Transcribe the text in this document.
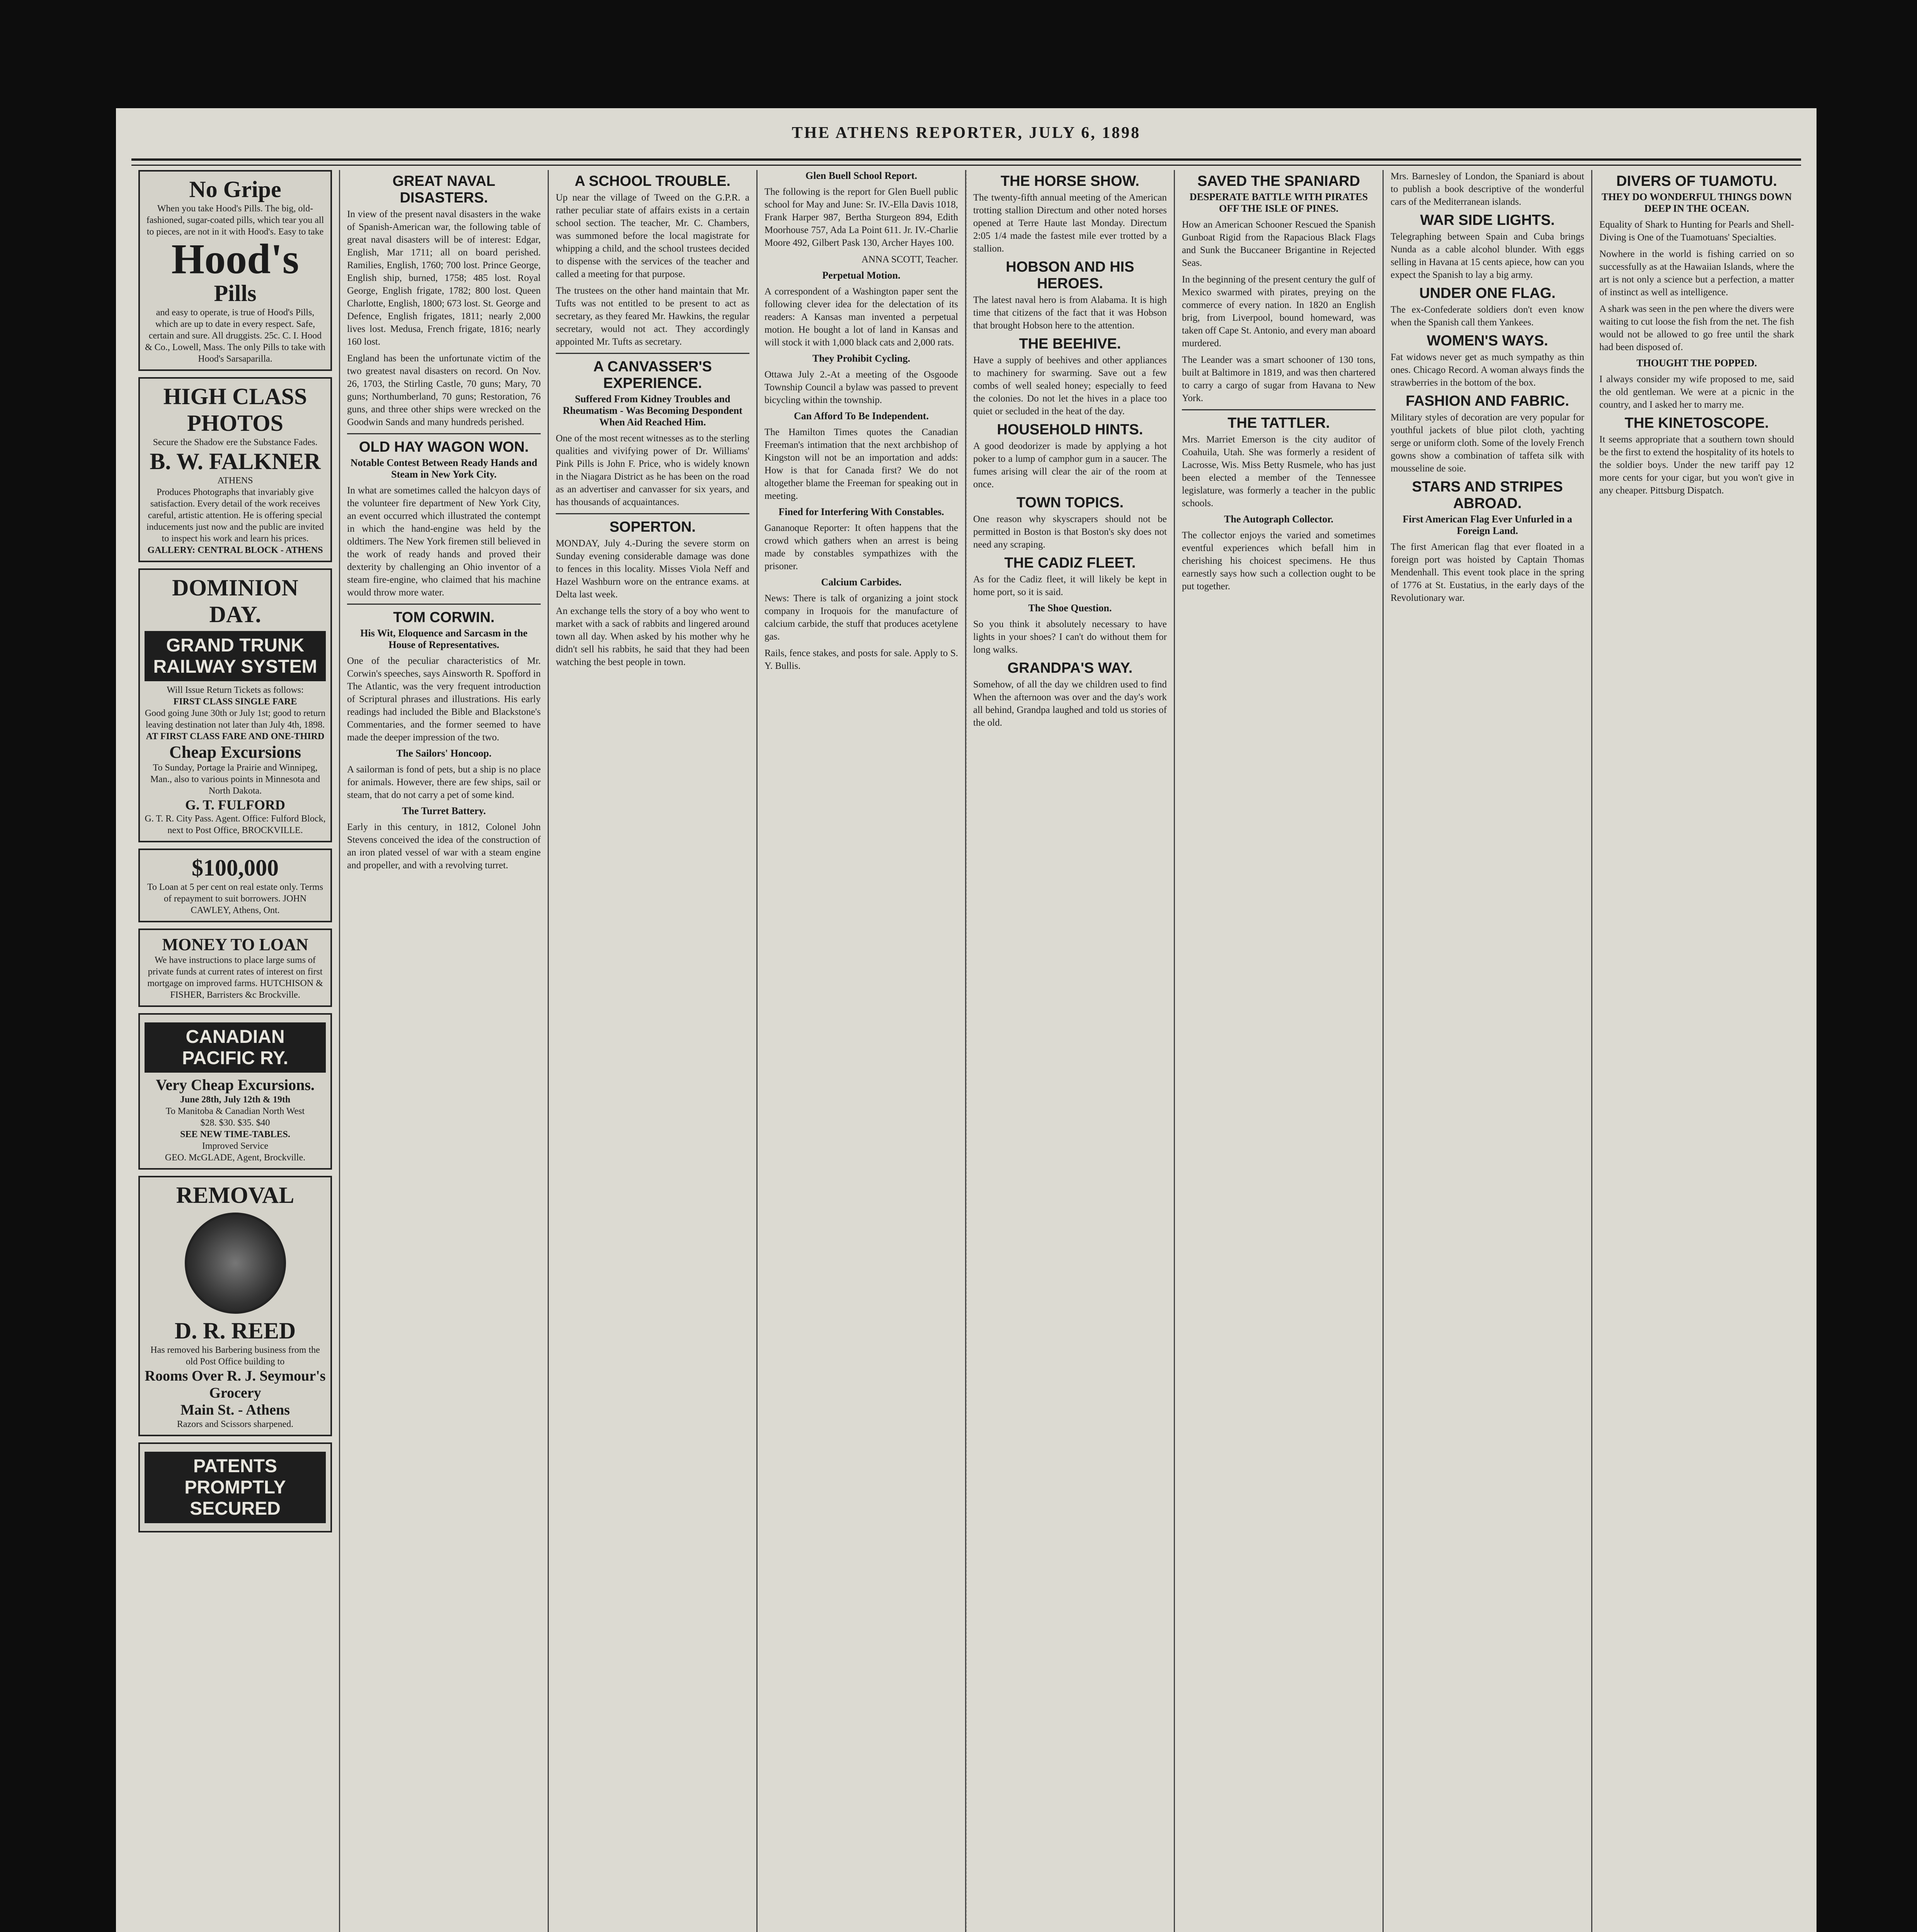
THE ATHENS REPORTER, JULY 6, 1898
No Gripe
When you take Hood's Pills. The big, old-fashioned, sugar-coated pills, which tear you all to pieces, are not in it with Hood's. Easy to take
Hood's
Pills
and easy to operate, is true of Hood's Pills, which are up to date in every respect. Safe, certain and sure. All druggists. 25c. C. I. Hood & Co., Lowell, Mass. The only Pills to take with Hood's Sarsaparilla.
HIGH CLASS PHOTOS
Secure the Shadow ere the Substance Fades.
B. W. FALKNER
ATHENS
Produces Photographs that invariably give satisfaction. Every detail of the work receives careful, artistic attention. He is offering special inducements just now and the public are invited to inspect his work and learn his prices.
GALLERY: CENTRAL BLOCK - ATHENS
DOMINION DAY.
GRAND TRUNK RAILWAY SYSTEM
Will Issue Return Tickets as follows:
FIRST CLASS SINGLE FARE
Good going June 30th or July 1st; good to return leaving destination not later than July 4th, 1898.
AT FIRST CLASS FARE AND ONE-THIRD
Cheap Excursions
To Sunday, Portage la Prairie and Winnipeg, Man., also to various points in Minnesota and North Dakota.
G. T. FULFORD
G. T. R. City Pass. Agent. Office: Fulford Block, next to Post Office, BROCKVILLE.
$100,000
To Loan at 5 per cent on real estate only. Terms of repayment to suit borrowers. JOHN CAWLEY, Athens, Ont.
MONEY TO LOAN
We have instructions to place large sums of private funds at current rates of interest on first mortgage on improved farms. HUTCHISON & FISHER, Barristers &c Brockville.
CANADIAN PACIFIC RY.
Very Cheap Excursions.
June 28th, July 12th & 19th
To Manitoba & Canadian North West
$28. $30. $35. $40
SEE NEW TIME-TABLES.
Improved Service
GEO. McGLADE, Agent, Brockville.
REMOVAL
D. R. REED
Has removed his Barbering business from the old Post Office building to
Rooms Over R. J. Seymour's Grocery
Main St. - Athens
Razors and Scissors sharpened.
PATENTS PROMPTLY SECURED
GREAT NAVAL DISASTERS.

In view of the present naval disasters in the wake of Spanish-American war, the following table of great naval disasters will be of interest: Edgar, English, Mar 1711; all on board perished. Ramilies, English, 1760; 700 lost. Prince George, English ship, burned, 1758; 485 lost. Royal George, English frigate, 1782; 800 lost. Queen Charlotte, English, 1800; 673 lost. St. George and Defence, English frigates, 1811; nearly 2,000 lives lost. Medusa, French frigate, 1816; nearly 160 lost.

England has been the unfortunate victim of the two greatest naval disasters on record. On Nov. 26, 1703, the Stirling Castle, 70 guns; Mary, 70 guns; Northumberland, 70 guns; Restoration, 76 guns, and three other ships were wrecked on the Goodwin Sands and many hundreds perished.

OLD HAY WAGON WON.
Notable Contest Between Ready Hands and Steam in New York City.

In what are sometimes called the halcyon days of the volunteer fire department of New York City, an event occurred which illustrated the contempt in which the hand-engine was held by the oldtimers. The New York firemen still believed in the work of ready hands and proved their dexterity by challenging an Ohio inventor of a steam fire-engine, who claimed that his machine would throw more water.

TOM CORWIN.
His Wit, Eloquence and Sarcasm in the House of Representatives.

One of the peculiar characteristics of Mr. Corwin's speeches, says Ainsworth R. Spofford in The Atlantic, was the very frequent introduction of Scriptural phrases and illustrations. His early readings had included the Bible and Blackstone's Commentaries, and the former seemed to have made the deeper impression of the two.

The Sailors' Honcoop.

A sailorman is fond of pets, but a ship is no place for animals. However, there are few ships, sail or steam, that do not carry a pet of some kind.

The Turret Battery.

Early in this century, in 1812, Colonel John Stevens conceived the idea of the construction of an iron plated vessel of war with a steam engine and propeller, and with a revolving turret.

A SCHOOL TROUBLE.

Up near the village of Tweed on the G.P.R. a rather peculiar state of affairs exists in a certain school section. The teacher, Mr. C. Chambers, was summoned before the local magistrate for whipping a child, and the school trustees decided to dispense with the services of the teacher and called a meeting for that purpose.

The trustees on the other hand maintain that Mr. Tufts was not entitled to be present to act as secretary, as they feared Mr. Hawkins, the regular secretary, would not act. They accordingly appointed Mr. Tufts as secretary.

A CANVASSER'S EXPERIENCE.
Suffered From Kidney Troubles and Rheumatism - Was Becoming Despondent When Aid Reached Him.

One of the most recent witnesses as to the sterling qualities and vivifying power of Dr. Williams' Pink Pills is John F. Price, who is widely known in the Niagara District as he has been on the road as an advertiser and canvasser for six years, and has thousands of acquaintances.

SOPERTON.

MONDAY, July 4.-During the severe storm on Sunday evening considerable damage was done to fences in this locality. Misses Viola Neff and Hazel Washburn wore on the entrance exams. at Delta last week.

An exchange tells the story of a boy who went to market with a sack of rabbits and lingered around town all day. When asked by his mother why he didn't sell his rabbits, he said that they had been watching the best people in town.

Glen Buell School Report.

The following is the report for Glen Buell public school for May and June: Sr. IV.-Ella Davis 1018, Frank Harper 987, Bertha Sturgeon 894, Edith Moorhouse 757, Ada La Point 611. Jr. IV.-Charlie Moore 492, Gilbert Pask 130, Archer Hayes 100.

ANNA SCOTT, Teacher.

Perpetual Motion.

A correspondent of a Washington paper sent the following clever idea for the delectation of its readers: A Kansas man invented a perpetual motion. He bought a lot of land in Kansas and will stock it with 1,000 black cats and 2,000 rats.

They Prohibit Cycling.

Ottawa July 2.-At a meeting of the Osgoode Township Council a bylaw was passed to prevent bicycling within the township.

Can Afford To Be Independent.

The Hamilton Times quotes the Canadian Freeman's intimation that the next archbishop of Kingston will not be an importation and adds: How is that for Canada first? We do not altogether blame the Freeman for speaking out in meeting.

Fined for Interfering With Constables.

Gananoque Reporter: It often happens that the crowd which gathers when an arrest is being made by constables sympathizes with the prisoner.

Calcium Carbides.

News: There is talk of organizing a joint stock company in Iroquois for the manufacture of calcium carbide, the stuff that produces acetylene gas.

Rails, fence stakes, and posts for sale. Apply to S. Y. Bullis.

THE HORSE SHOW.

The twenty-fifth annual meeting of the American trotting stallion Directum and other noted horses opened at Terre Haute last Monday. Directum 2:05 1/4 made the fastest mile ever trotted by a stallion.

HOBSON AND HIS HEROES.

The latest naval hero is from Alabama. It is high time that citizens of the fact that it was Hobson that brought Hobson here to the attention.

THE BEEHIVE.

Have a supply of beehives and other appliances to machinery for swarming. Save out a few combs of well sealed honey; especially to feed the colonies. Do not let the hives in a place too quiet or secluded in the heat of the day.

HOUSEHOLD HINTS.

A good deodorizer is made by applying a hot poker to a lump of camphor gum in a saucer. The fumes arising will clear the air of the room at once.

TOWN TOPICS.

One reason why skyscrapers should not be permitted in Boston is that Boston's sky does not need any scraping.

THE CADIZ FLEET.

As for the Cadiz fleet, it will likely be kept in home port, so it is said.

The Shoe Question.

So you think it absolutely necessary to have lights in your shoes? I can't do without them for long walks.

GRANDPA'S WAY.

Somehow, of all the day we children used to find When the afternoon was over and the day's work all behind, Grandpa laughed and told us stories of the old.

SAVED THE SPANIARD
DESPERATE BATTLE WITH PIRATES OFF THE ISLE OF PINES.

How an American Schooner Rescued the Spanish Gunboat Rigid from the Rapacious Black Flags and Sunk the Buccaneer Brigantine in Rejected Seas.

In the beginning of the present century the gulf of Mexico swarmed with pirates, preying on the commerce of every nation. In 1820 an English brig, from Liverpool, bound homeward, was taken off Cape St. Antonio, and every man aboard murdered.

The Leander was a smart schooner of 130 tons, built at Baltimore in 1819, and was then chartered to carry a cargo of sugar from Havana to New York.

THE TATTLER.

Mrs. Marriet Emerson is the city auditor of Coahuila, Utah. She was formerly a resident of Lacrosse, Wis. Miss Betty Rusmele, who has just been elected a member of the Tennessee legislature, was formerly a teacher in the public schools.

The Autograph Collector.

The collector enjoys the varied and sometimes eventful experiences which befall him in cherishing his choicest specimens. He thus earnestly says how such a collection ought to be put together.

Mrs. Barnesley of London, the Spaniard is about to publish a book descriptive of the wonderful cars of the Mediterranean islands.

WAR SIDE LIGHTS.

Telegraphing between Spain and Cuba brings Nunda as a cable alcohol blunder. With eggs selling in Havana at 15 cents apiece, how can you expect the Spanish to lay a big army.

UNDER ONE FLAG.

The ex-Confederate soldiers don't even know when the Spanish call them Yankees.

WOMEN'S WAYS.

Fat widows never get as much sympathy as thin ones. Chicago Record. A woman always finds the strawberries in the bottom of the box.

FASHION AND FABRIC.

Military styles of decoration are very popular for youthful jackets of blue pilot cloth, yachting serge or uniform cloth. Some of the lovely French gowns show a combination of taffeta silk with mousseline de soie.

STARS AND STRIPES ABROAD.
First American Flag Ever Unfurled in a Foreign Land.

The first American flag that ever floated in a foreign port was hoisted by Captain Thomas Mendenhall. This event took place in the spring of 1776 at St. Eustatius, in the early days of the Revolutionary war.

DIVERS OF TUAMOTU.
THEY DO WONDERFUL THINGS DOWN DEEP IN THE OCEAN.

Equality of Shark to Hunting for Pearls and Shell-Diving is One of the Tuamotuans' Specialties.

Nowhere in the world is fishing carried on so successfully as at the Hawaiian Islands, where the art is not only a science but a perfection, a matter of instinct as well as intelligence.

A shark was seen in the pen where the divers were waiting to cut loose the fish from the net. The fish would not be allowed to go free until the shark had been disposed of.

THOUGHT THE POPPED.

I always consider my wife proposed to me, said the old gentleman. We were at a picnic in the country, and I asked her to marry me.

THE KINETOSCOPE.

It seems appropriate that a southern town should be the first to extend the hospitality of its hotels to the soldier boys. Under the new tariff pay 12 more cents for your cigar, but you won't give in any cheaper. Pittsburg Dispatch.
